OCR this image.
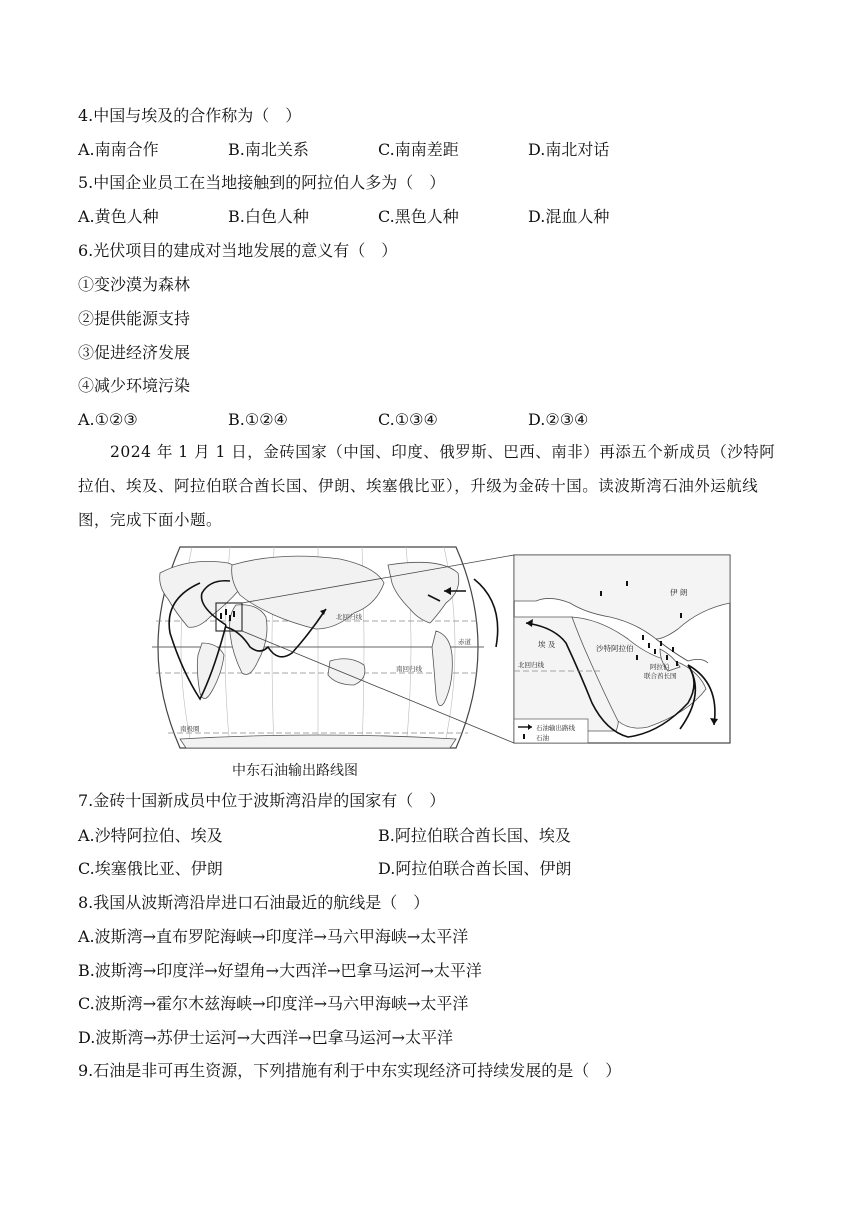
4.中国与埃及的合作称为（　）
A.南南合作	B.南北关系	C.南南差距	D.南北对话
5.中国企业员工在当地接触到的阿拉伯人多为（　）
A.黄色人种	B.白色人种	C.黑色人种	D.混血人种
6.光伏项目的建成对当地发展的意义有（　）
①变沙漠为森林
②提供能源支持
③促进经济发展
④减少环境污染
A.①②③	B.①②④	C.①③④	D.②③④
2024 年 1 月 1 日，金砖国家（中国、印度、俄罗斯、巴西、南非）再添五个新成员（沙特阿拉伯、埃及、阿拉伯联合酋长国、伊朗、埃塞俄比亚），升级为金砖十国。读波斯湾石油外运航线图，完成下面小题。
北回归线
赤道
南回归线
南极圈
伊 朗
埃 及	沙特阿拉伯
阿拉伯
联合酋长国
北回归线
石油输出路线
石油
中东石油输出路线图
7.金砖十国新成员中位于波斯湾沿岸的国家有（　）
A.沙特阿拉伯、埃及	B.阿拉伯联合酋长国、埃及
C.埃塞俄比亚、伊朗	D.阿拉伯联合酋长国、伊朗
8.我国从波斯湾沿岸进口石油最近的航线是（　）
A.波斯湾→直布罗陀海峡→印度洋→马六甲海峡→太平洋
B.波斯湾→印度洋→好望角→大西洋→巴拿马运河→太平洋
C.波斯湾→霍尔木兹海峡→印度洋→马六甲海峡→太平洋
D.波斯湾→苏伊士运河→大西洋→巴拿马运河→太平洋
9.石油是非可再生资源，下列措施有利于中东实现经济可持续发展的是（　）
